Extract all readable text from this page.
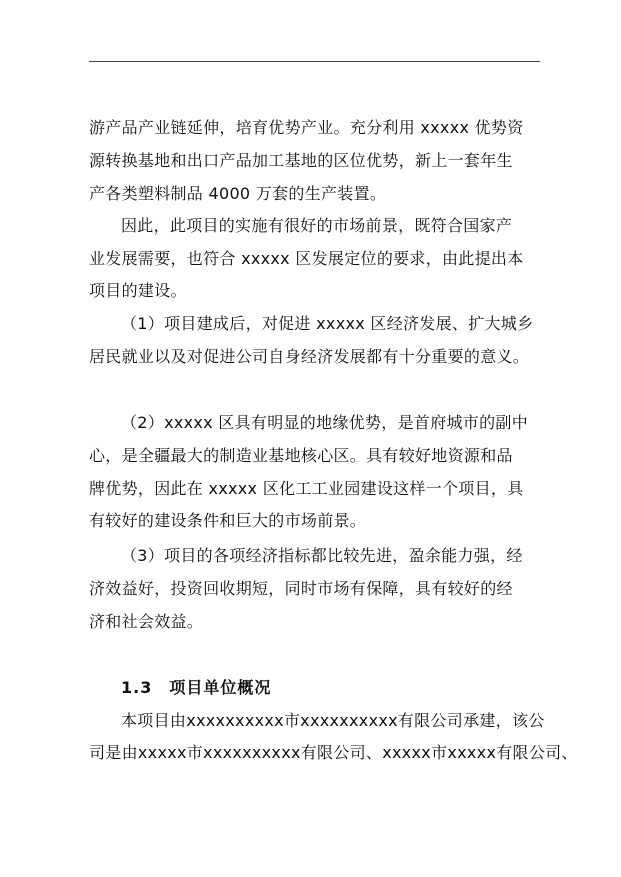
游产品产业链延伸，培育优势产业。充分利用 xxxxx 优势资
源转换基地和出口产品加工基地的区位优势，新上一套年生
产各类塑料制品 4000 万套的生产装置。
因此，此项目的实施有很好的市场前景，既符合国家产
业发展需要，也符合 xxxxx 区发展定位的要求，由此提出本
项目的建设。
（1）项目建成后，对促进 xxxxx 区经济发展、扩大城乡
居民就业以及对促进公司自身经济发展都有十分重要的意义。
（2）xxxxx 区具有明显的地缘优势，是首府城市的副中
心，是全疆最大的制造业基地核心区。具有较好地资源和品
牌优势，因此在 xxxxx 区化工工业园建设这样一个项目，具
有较好的建设条件和巨大的市场前景。
（3）项目的各项经济指标都比较先进，盈余能力强，经
济效益好，投资回收期短，同时市场有保障，具有较好的经
济和社会效益。
1.3　项目单位概况
本项目由xxxxxxxxxx市xxxxxxxxxx有限公司承建，该公
司是由xxxxx市xxxxxxxxxx有限公司、xxxxx市xxxxx有限公司、
